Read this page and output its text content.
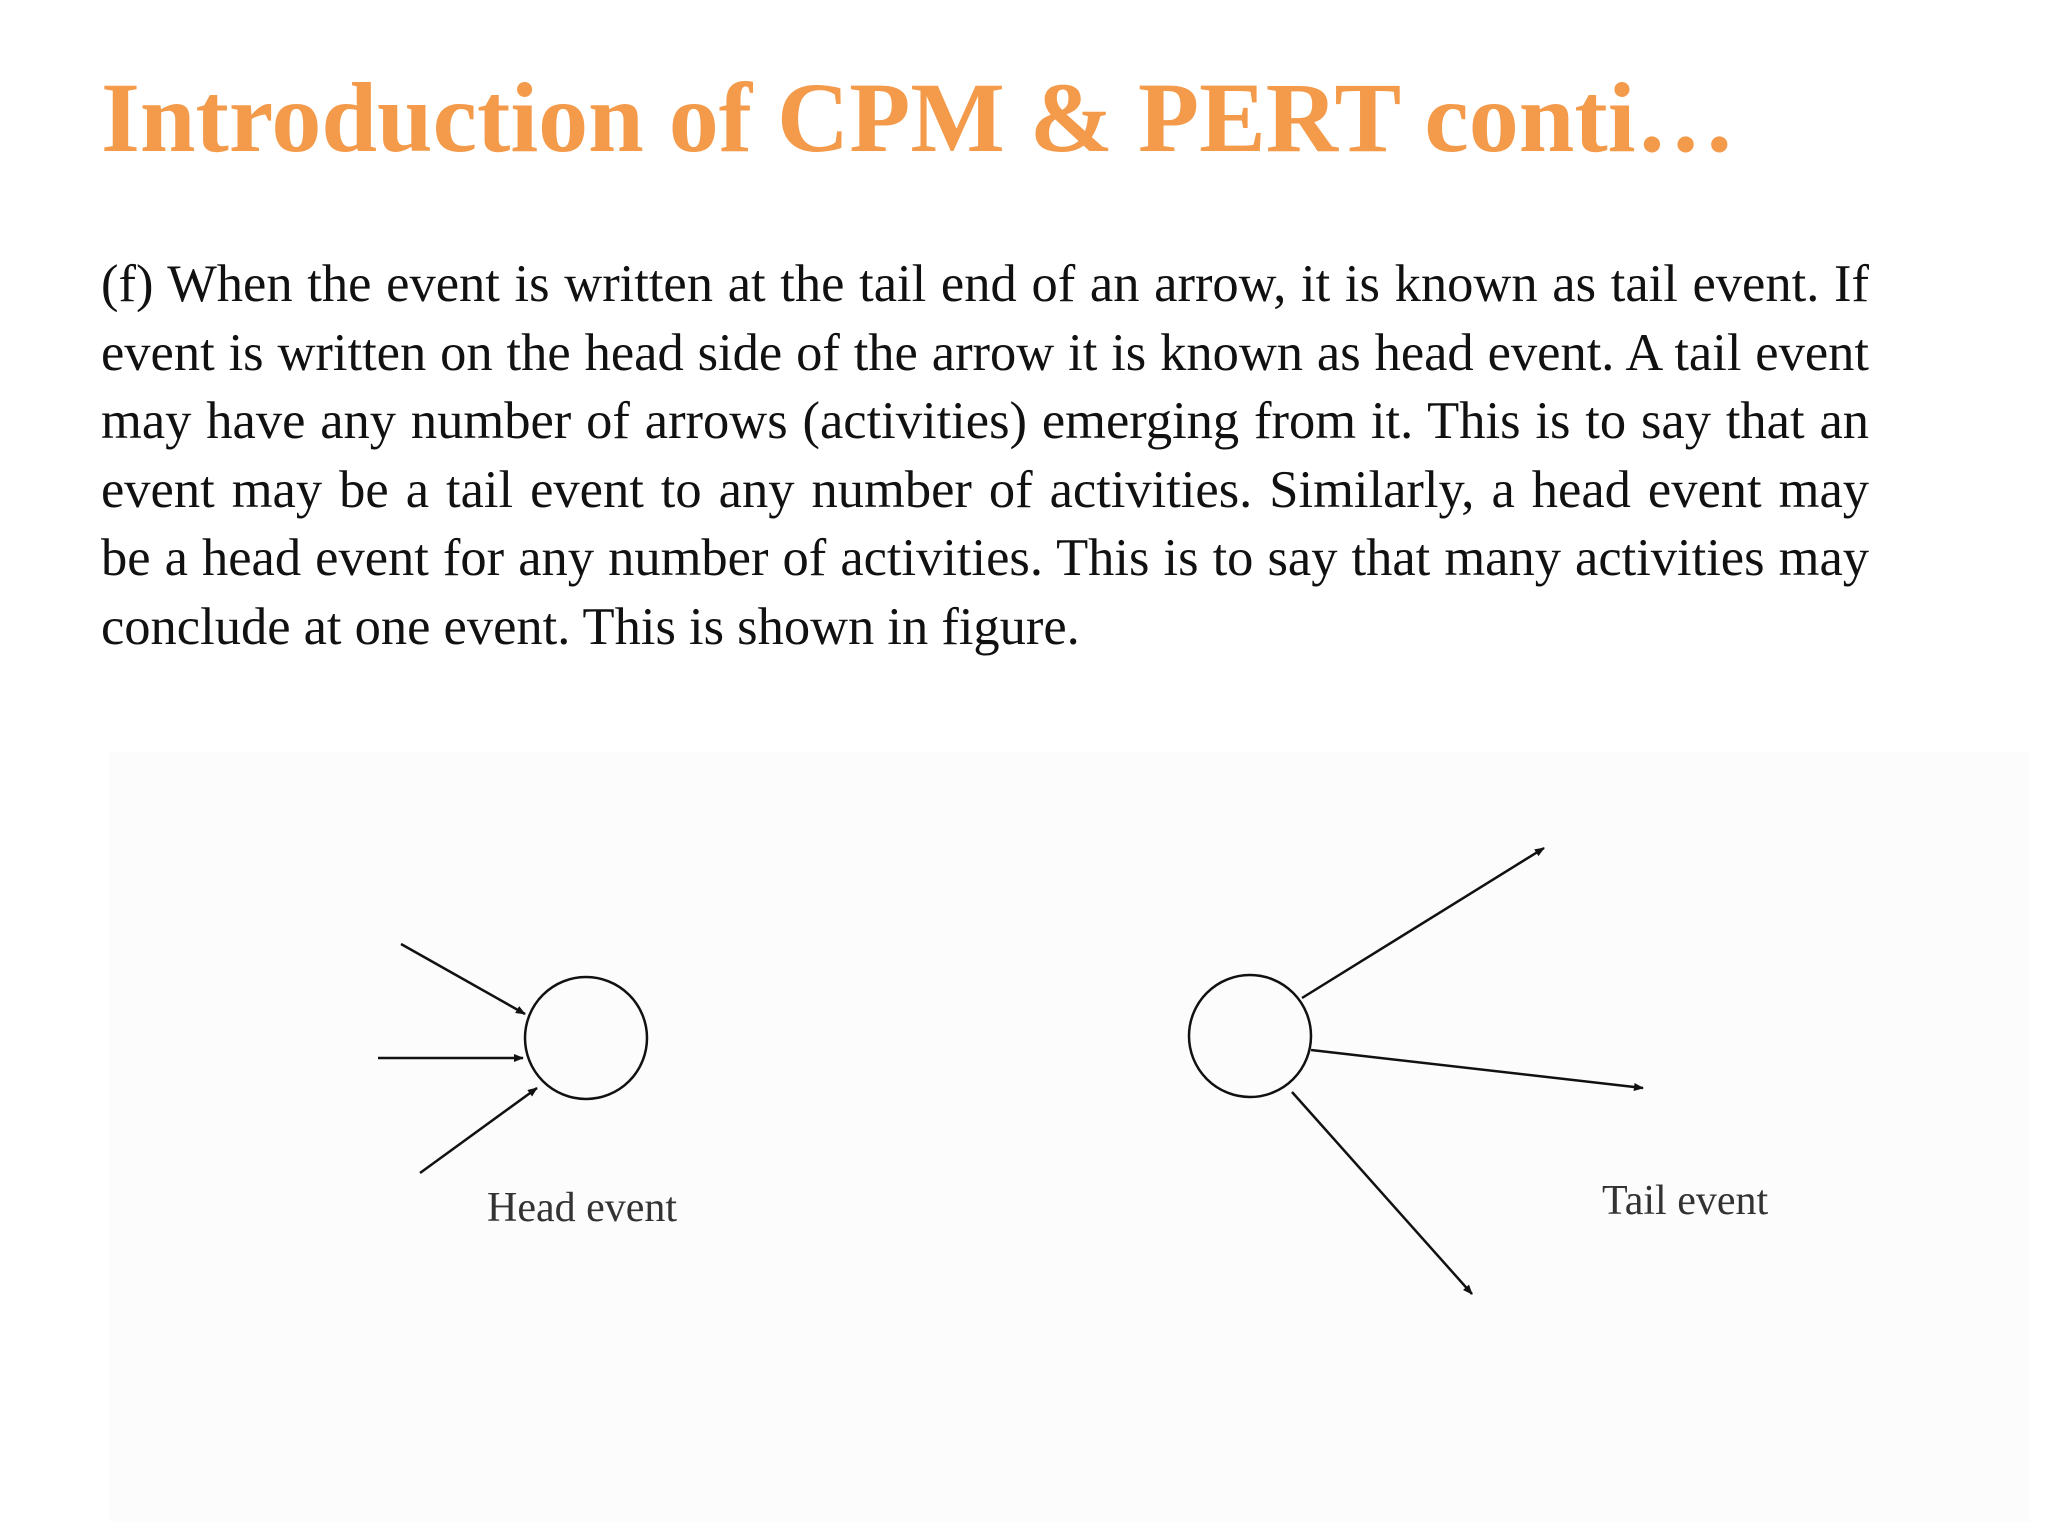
Introduction of CPM & PERT conti…

(f) When the event is written at the tail end of an arrow, it is known as tail event. If event is written on the head side of the arrow it is known as head event. A tail event may have any number of arrows (activities) emerging from it. This is to say that an event may be a tail event to any number of activities. Similarly, a head event may be a head event for any number of activities. This is to say that many activities may conclude at one event. This is shown in figure.

Head event	Tail event
